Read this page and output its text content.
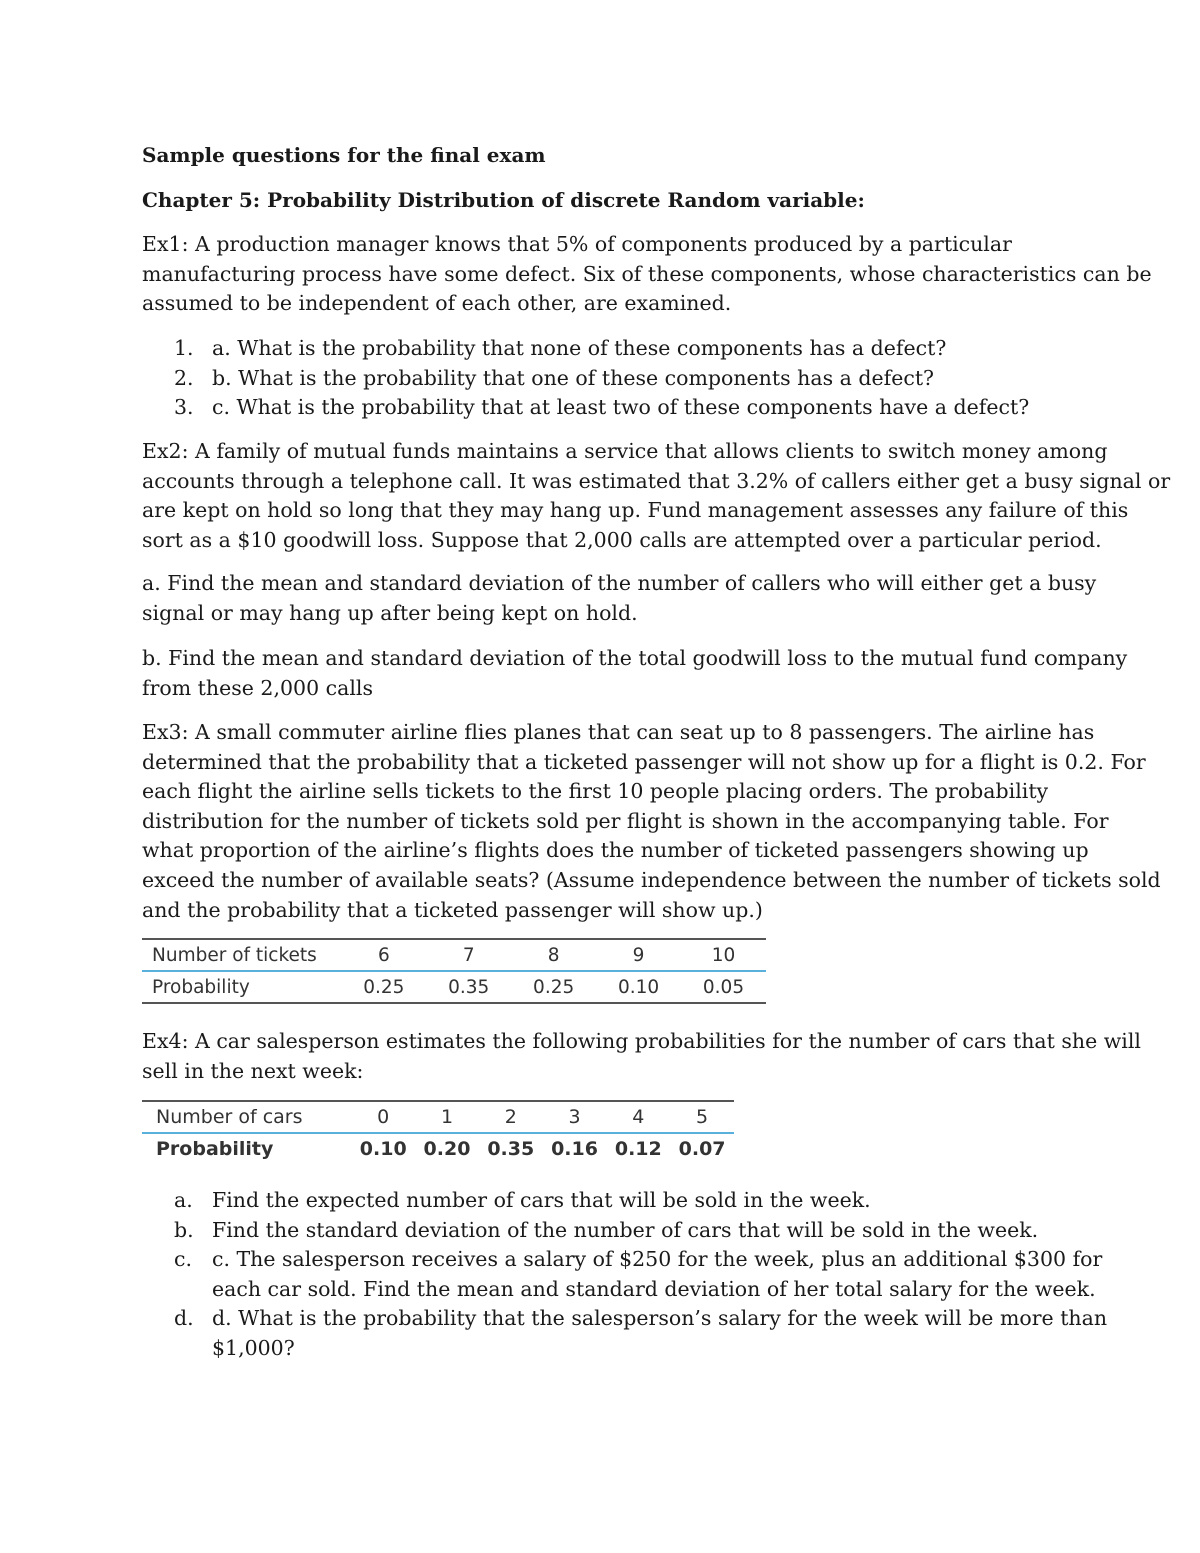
Sample questions for the final exam
Chapter 5: Probability Distribution of discrete Random variable:

Ex1: A production manager knows that 5% of components produced by a particular
manufacturing process have some defect. Six of these components, whose characteristics can be
assumed to be independent of each other, are examined.

1. a. What is the probability that none of these components has a defect?
2. b. What is the probability that one of these components has a defect?
3. c. What is the probability that at least two of these components have a defect?

Ex2: A family of mutual funds maintains a service that allows clients to switch money among
accounts through a telephone call. It was estimated that 3.2% of callers either get a busy signal or
are kept on hold so long that they may hang up. Fund management assesses any failure of this
sort as a $10 goodwill loss. Suppose that 2,000 calls are attempted over a particular period.

a. Find the mean and standard deviation of the number of callers who will either get a busy
signal or may hang up after being kept on hold.

b. Find the mean and standard deviation of the total goodwill loss to the mutual fund company
from these 2,000 calls

Ex3: A small commuter airline flies planes that can seat up to 8 passengers. The airline has
determined that the probability that a ticketed passenger will not show up for a flight is 0.2. For
each flight the airline sells tickets to the first 10 people placing orders. The probability
distribution for the number of tickets sold per flight is shown in the accompanying table. For
what proportion of the airline’s flights does the number of ticketed passengers showing up
exceed the number of available seats? (Assume independence between the number of tickets sold
and the probability that a ticketed passenger will show up.)

Number of tickets	6	7	8	9	10
Probability	0.25	0.35	0.25	0.10	0.05

Ex4: A car salesperson estimates the following probabilities for the number of cars that she will
sell in the next week:

Number of cars	0	1	2	3	4	5
Probability	0.10	0.20	0.35	0.16	0.12	0.07
a. Find the expected number of cars that will be sold in the week.
b. Find the standard deviation of the number of cars that will be sold in the week.
c. c. The salesperson receives a salary of $250 for the week, plus an additional $300 for
each car sold. Find the mean and standard deviation of her total salary for the week.
d. d. What is the probability that the salesperson’s salary for the week will be more than
$1,000?
